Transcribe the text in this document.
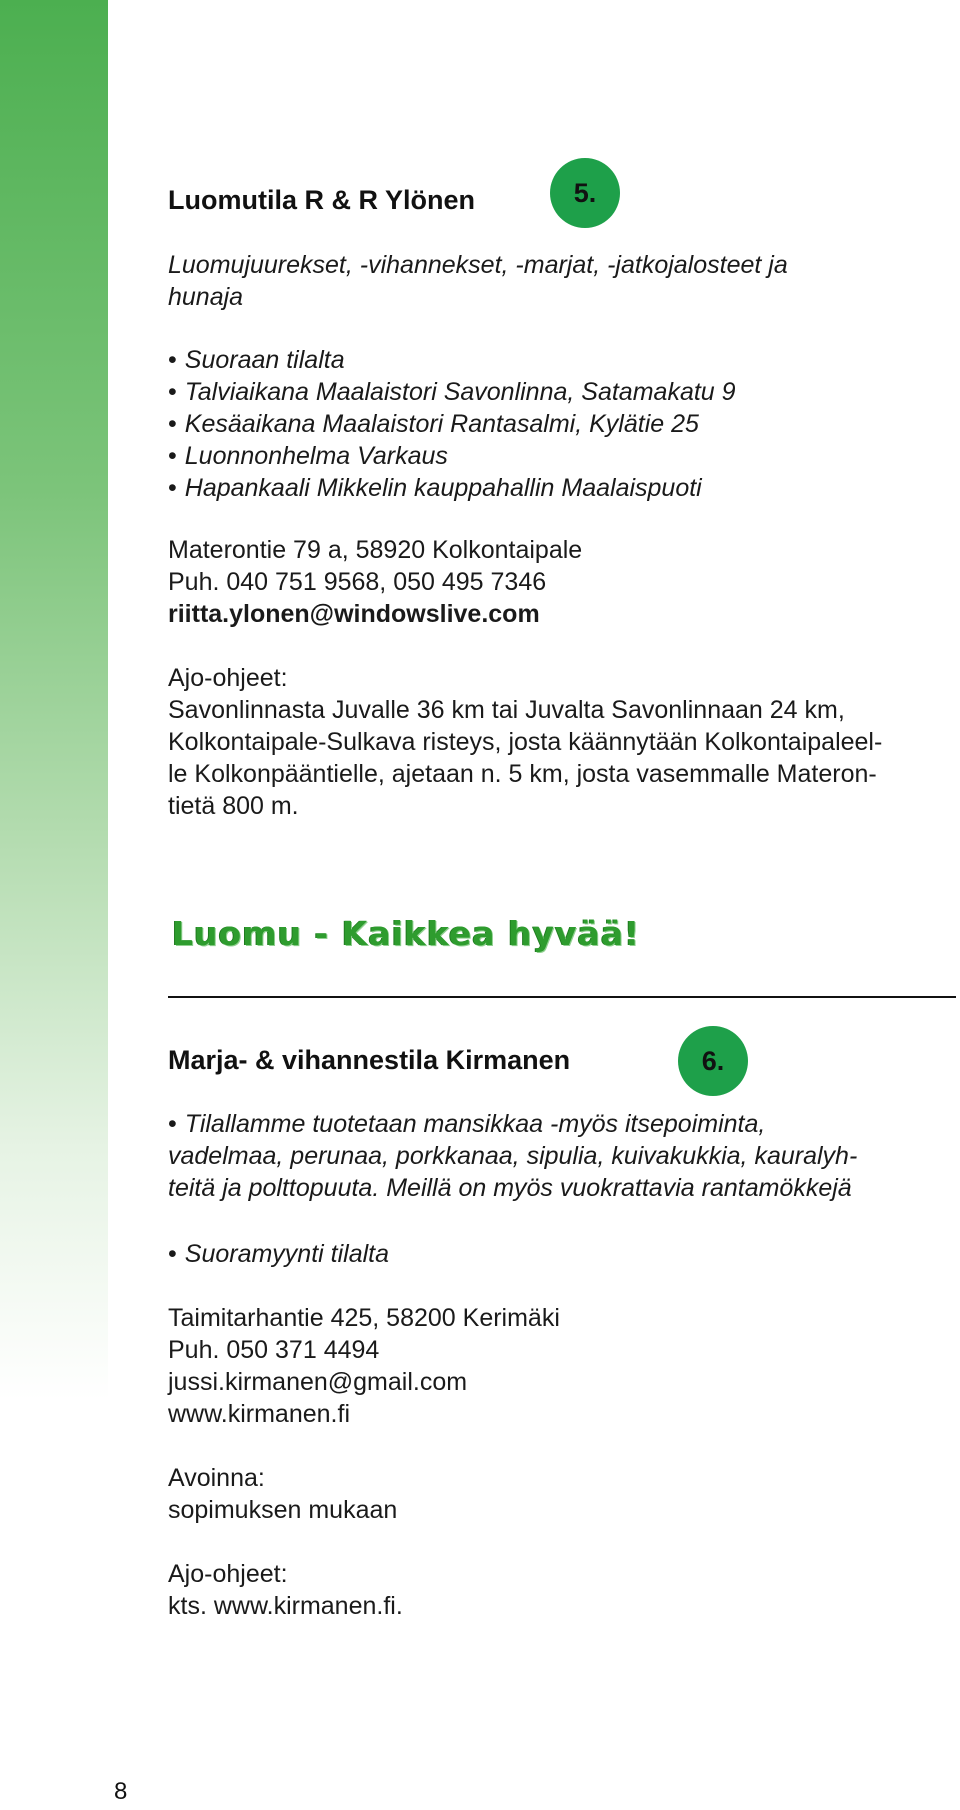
Luomutila R & R Ylönen	5.
Luomujuurekset, -vihannekset, -marjat, -jatkojalosteet ja
hunaja
• Suoraan tilalta
• Talviaikana Maalaistori Savonlinna, Satamakatu 9
• Kesäaikana Maalaistori Rantasalmi, Kylätie 25
• Luonnonhelma Varkaus
• Hapankaali Mikkelin kauppahallin Maalaispuoti
Materontie 79 a, 58920 Kolkontaipale
Puh. 040 751 9568, 050 495 7346
riitta.ylonen@windowslive.com
Ajo-ohjeet:
Savonlinnasta Juvalle 36 km tai Juvalta Savonlinnaan 24 km,
Kolkontaipale-Sulkava risteys, josta käännytään Kolkontaipaleel-
le Kolkonpääntielle, ajetaan n. 5 km, josta vasemmalle Materon-
tietä 800 m.
Luomu - Kaikkea hyvää!
Marja- & vihannestila Kirmanen	6.
• Tilallamme tuotetaan mansikkaa -myös itsepoiminta,
vadelmaa, perunaa, porkkanaa, sipulia, kuivakukkia, kauralyh-
teitä ja polttopuuta. Meillä on myös vuokrattavia rantamökkejä
• Suoramyynti tilalta
Taimitarhantie 425, 58200 Kerimäki
Puh. 050 371 4494
jussi.kirmanen@gmail.com
www.kirmanen.fi
Avoinna:
sopimuksen mukaan
Ajo-ohjeet:
kts. www.kirmanen.fi.
8
